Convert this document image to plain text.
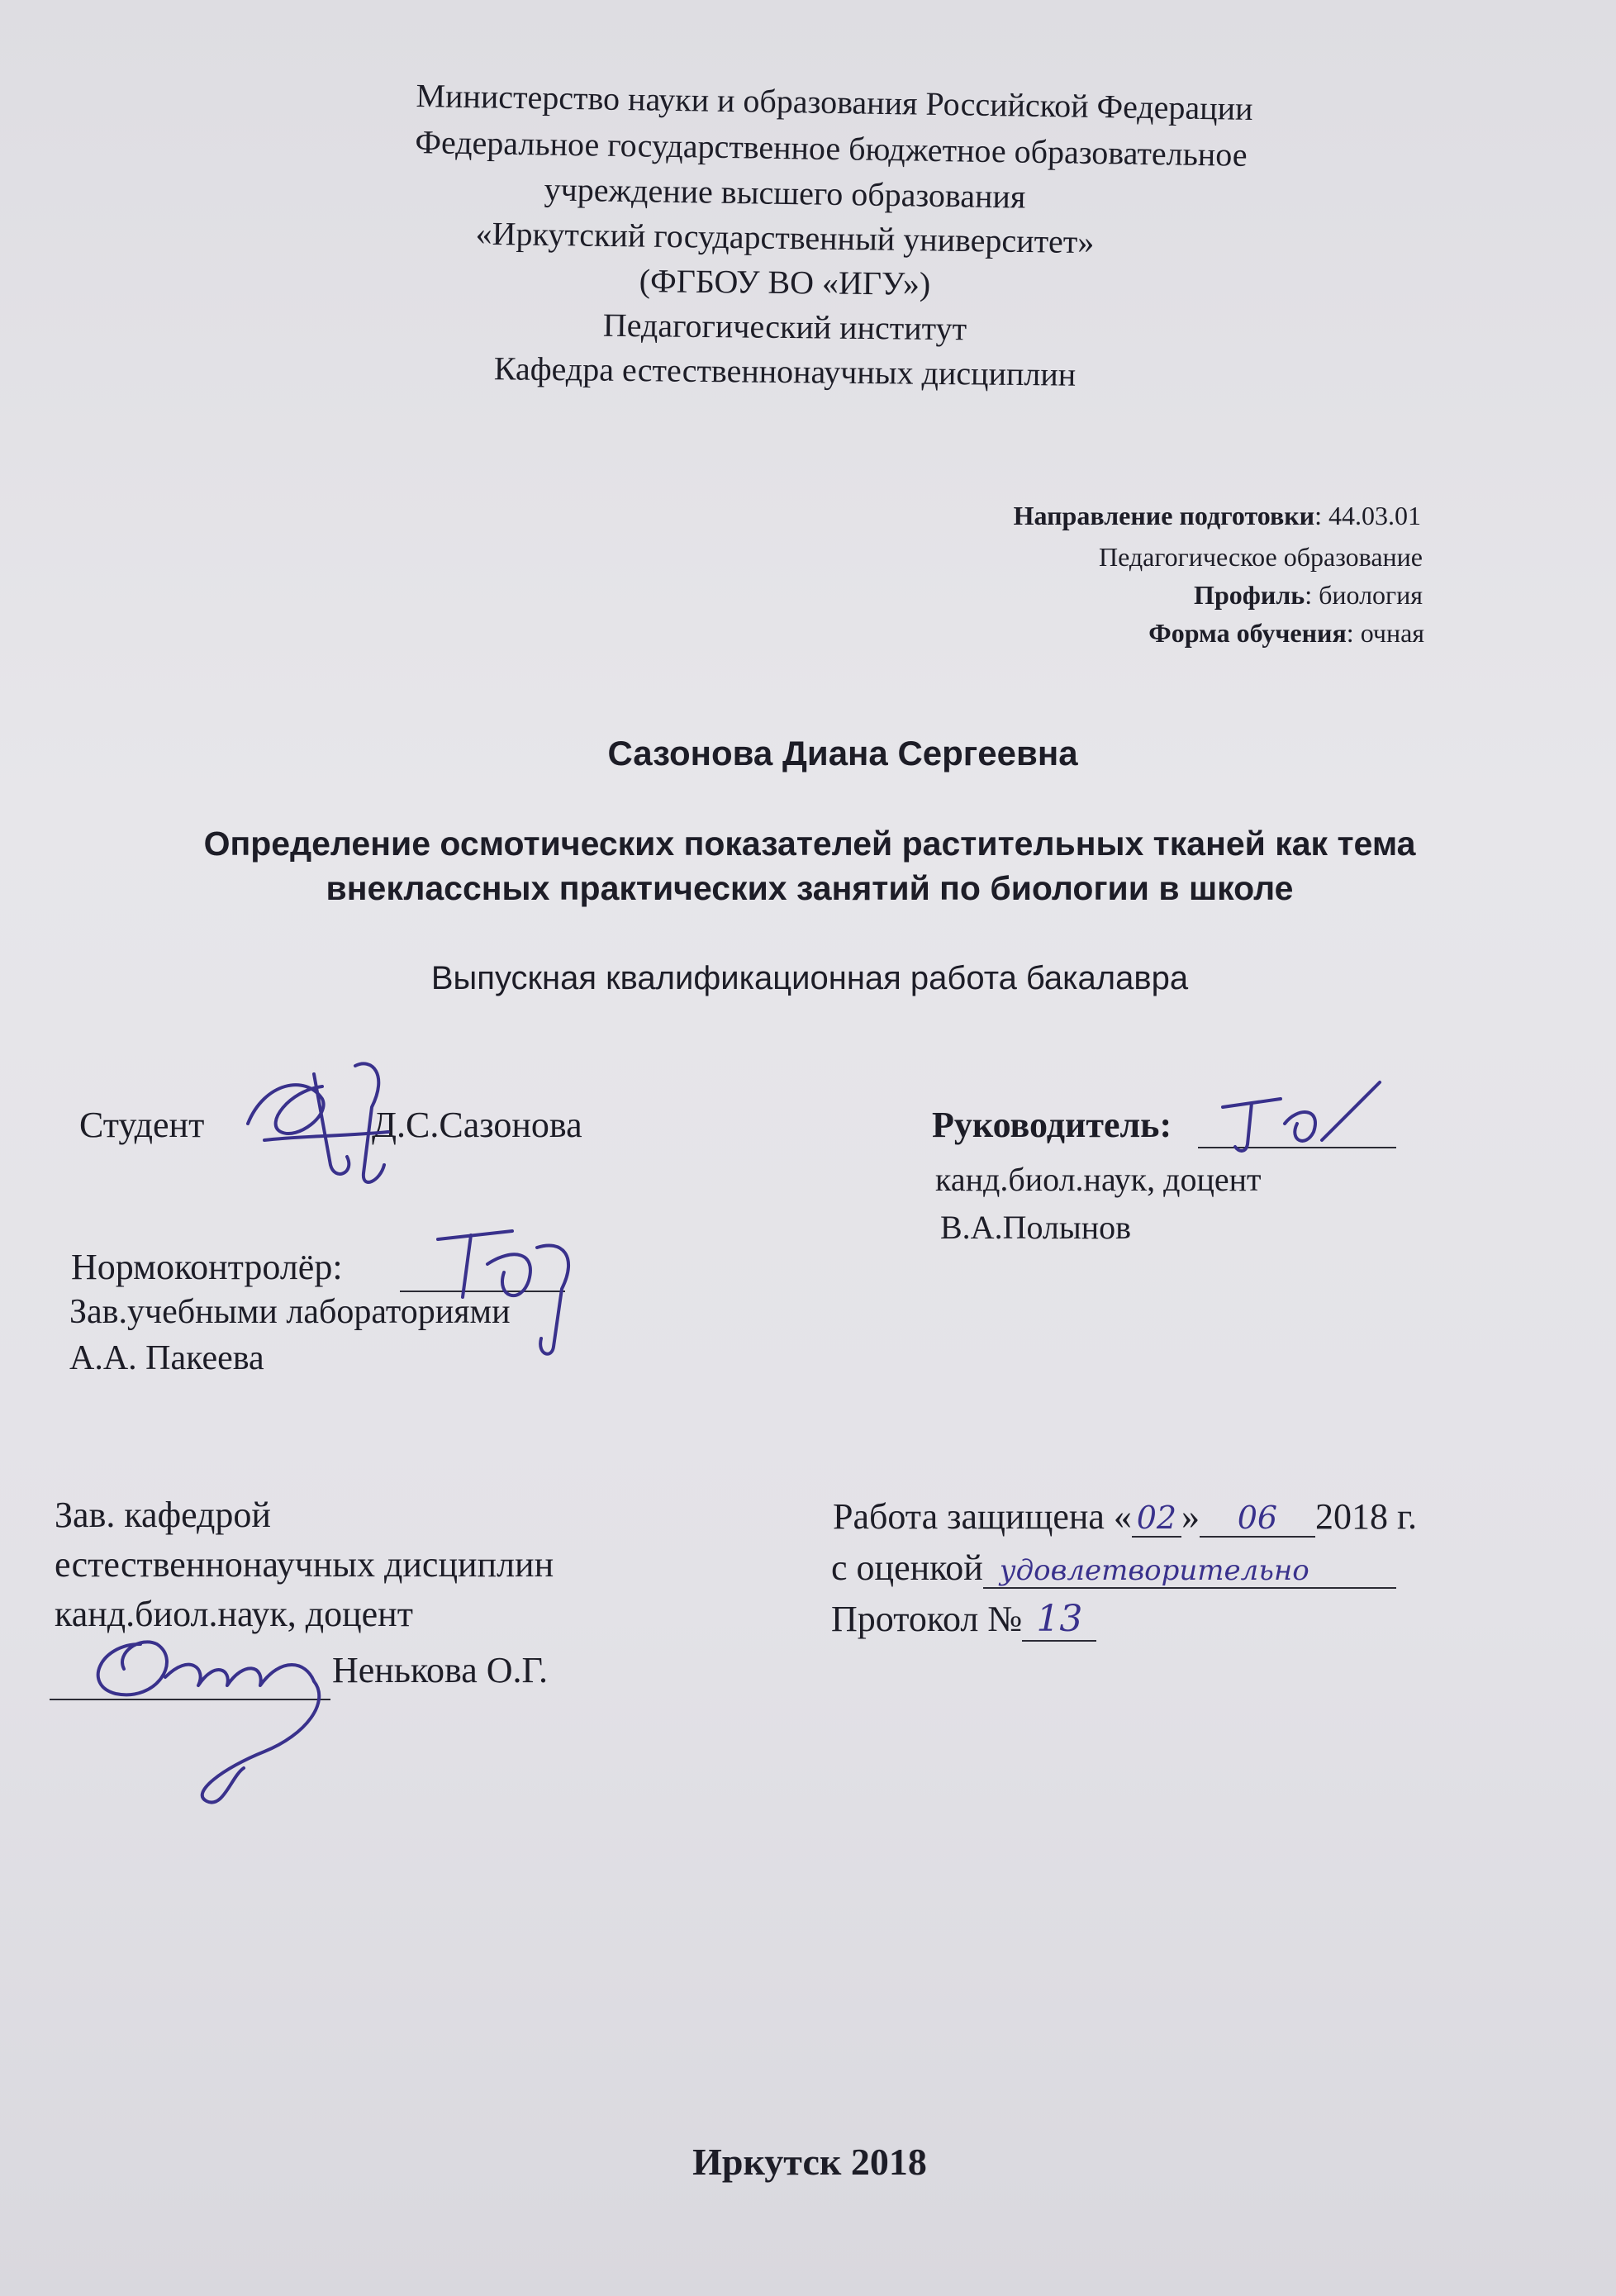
Министерство науки и образования Российской Федерации
Федеральное государственное бюджетное образовательное
учреждение высшего образования
«Иркутский государственный университет»
(ФГБОУ ВО «ИГУ»)
Педагогический институт
Кафедра естественнонаучных дисциплин
Направление подготовки: 44.03.01
Педагогическое образование
Профиль: биология
Форма обучения: очная
Сазонова Диана Сергеевна
Определение осмотических показателей растительных тканей как тема
внеклассных практических занятий по биологии в школе
Выпускная квалификационная работа бакалавра
Студент	Д.С.Сазонова	Руководитель:
канд.биол.наук, доцент
В.А.Полынов
Нормоконтролёр:
Зав.учебными лабораториями
А.А. Пакеева
Зав. кафедрой
естественнонаучных дисциплин
канд.биол.наук, доцент
Ненькова О.Г.
Работа защищена « 02 » 06 2018 г.
с оценкой удовлетворительно
Протокол № 13
Иркутск 2018
